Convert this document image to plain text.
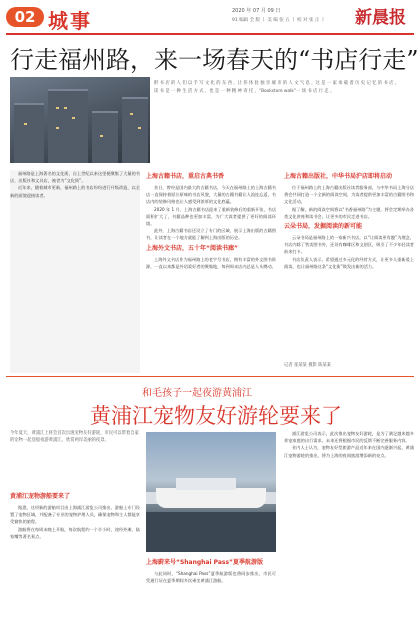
02 城事	2020 年 07 月 09 日
91 编辑 全 版 丨 美 编 张 五 丨 校 对 张 正 丨 新晨报
行走福州路，来一场春天的“书店行走”
附 书 店 的 人 们 以 手 写 文 化 的 东 西 ，让 你 体 验 独 享 城 市 的 人 文 气 息 ，这 是 一 家 承 载 着 历 史 记 忆 的 书 店 。
读 书 是 一 种 生 活 方 式 ，也 是 一 种 精 神 寄 托 ，“Bookstore walk”一 场 书 店 行 走 。

福州路是上海著名的文化街，自上世纪以来这里便聚集了大量的书店、出版社和文具店，被誉为“文化街”。

近年来，随着城市更新，福州路上的书店纷纷进行升级改造，以全新的面貌迎接读者。

上海古籍书店，重启古典书香

昔日，曾经是国内最大的古籍书店，今天在福州路上的上海古籍书店一直保持着原汁原味的书店风貌，大量的古籍书籍让人流连忘返，书店内的装修风格也让人感受到浓厚的文化底蕴。

2020 年 1 月，上海古籍书店迎来了重新装修后的重新开张，书店面积扩大了，书籍品种也更加丰富，为广大读者提供了更好的阅读环境。

此外，上海古籍书店还设立了专门的区域，展示上海出版的古籍图书，让读者在一个地方就能了解到上海出版的历史。

上海外文书店，五十年“阅读书廊”

上海外文书店作为福州路上的老字号书店，拥有丰富的外文图书资源，一直以来都是外语爱好者的聚集地，每到周末店内总是人头攒动。

上海古籍出版社，中华书局沪店即将启动

位于福州路上的上海古籍出版社读者服务部，与中华书局上海分店将会共同打造一个全新的阅读空间，为读者提供更加丰富的古籍图书和文化活动。

据了解，新的阅读空间将以“书香福州路”为主题，将会定期举办各类文化讲座和读书会，让更多的市民走进书店。

云朵书局，发掘阅读的新可能

云朵书局是福州路上的一家新兴书店，以“让阅读更有趣”为理念，书店内除了售卖图书外，还设有咖啡区和文创区，吸引了不少年轻读者前来打卡。

书店负责人表示，希望通过多元化的经营方式，让更多人重新爱上阅读，也让福州路这条“文化街”焕发出新的活力。

记者 张某某 摄影 陈某某
和毛孩子一起夜游黄浦江
黄浦江宠物友好游轮要来了
今年夏天，黄浦江上将会首次出现宠物友好游轮，市民可以带着自家的宠物一起登船夜游黄浦江，欣赏两岸美丽的夜景。
黄浦江宠物游船要来了

据悉，这项新的游船项目由上海浦江游览公司推出，游船上专门设置了宠物区域，并配备了专业的宠物护理人员，确保宠物和主人都能享受愉快的旅程。

游船将在每周末晚上开航，每次航程约一个半小时，途经外滩、陆家嘴等著名景点。

上海蔚来号“Shanghai Pass”夏季航游版

与此同时，“Shanghai Pass”夏季航游版也将同步推出，市民可凭通行证在夏季期间多次乘坐黄浦江游船。

浦江游览公司表示，此次推出宠物友好游轮，是为了满足越来越多养宠家庭的出行需求，未来还将根据市民的反馈不断完善服务内容。

业内人士认为，宠物友好型旅游产品近年来在国内逐渐兴起，黄浦江宠物游轮的推出，将为上海的夜间旅游增添新的亮点。
